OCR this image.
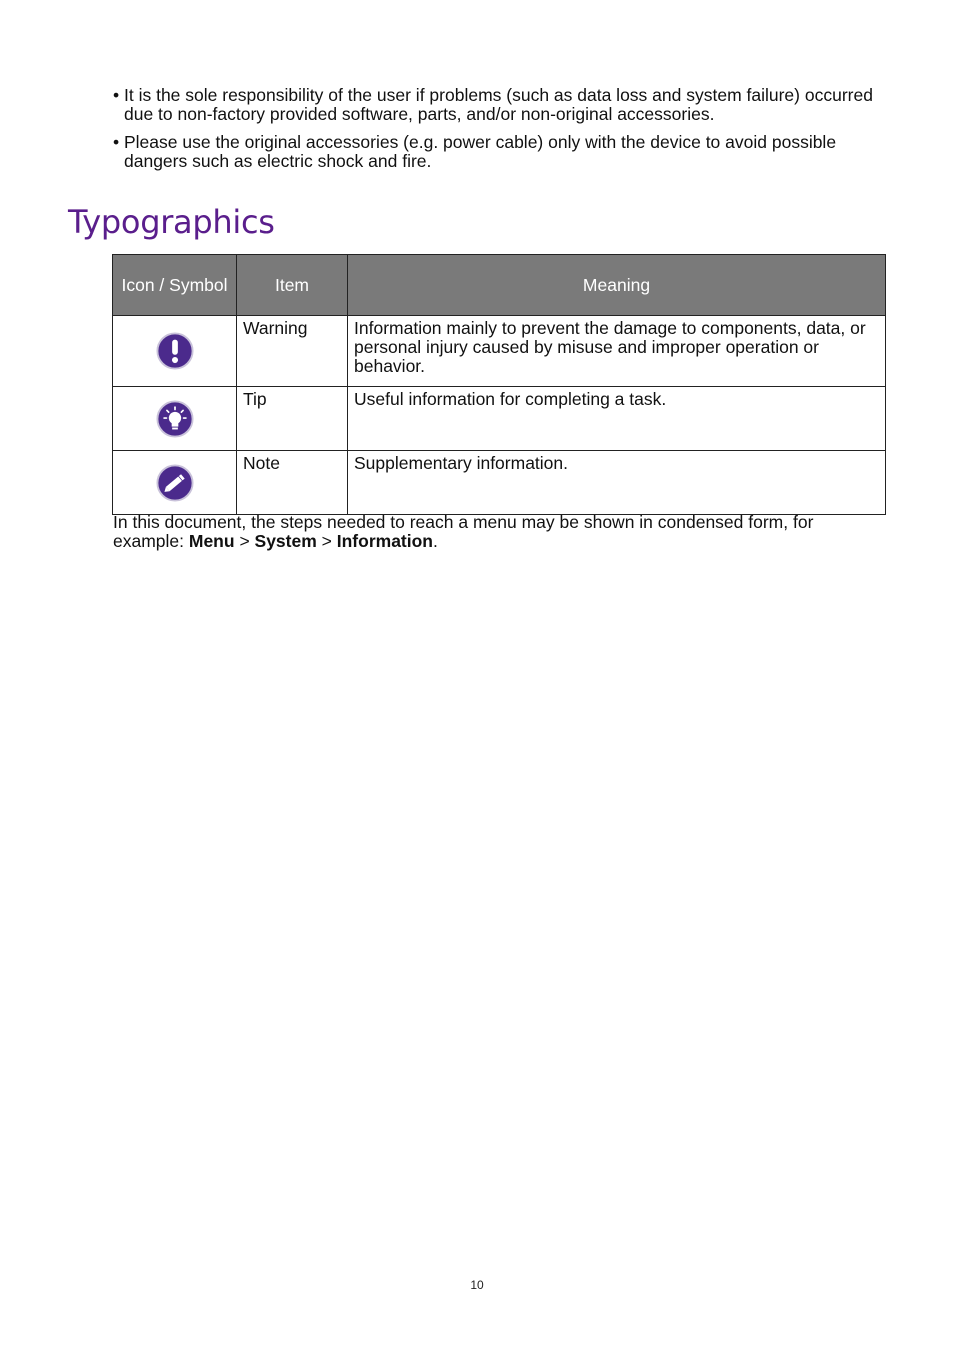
• It is the sole responsibility of the user if problems (such as data loss and system failure) occurred due to non-factory provided software, parts, and/or non-original accessories.
• Please use the original accessories (e.g. power cable) only with the device to avoid possible dangers such as electric shock and fire.
Typographics
Icon / Symbol	Item	Meaning
	Warning	Information mainly to prevent the damage to components, data, or personal injury caused by misuse and improper operation or behavior.
	Tip	Useful information for completing a task.
	Note	Supplementary information.

In this document, the steps needed to reach a menu may be shown in condensed form, for example: Menu > System > Information.

10
